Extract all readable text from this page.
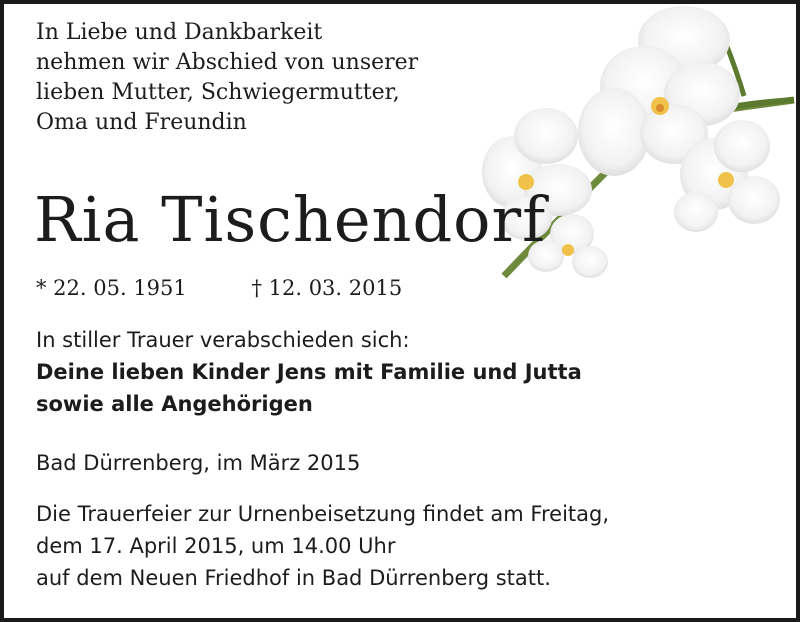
In Liebe und Dankbarkeit
nehmen wir Abschied von unserer
lieben Mutter, Schwiegermutter,
Oma und Freundin
Ria Tischendorf
* 22. 05. 1951	† 12. 03. 2015
In stiller Trauer verabschieden sich:
Deine lieben Kinder Jens mit Familie und Jutta
sowie alle Angehörigen
Bad Dürrenberg, im März 2015
Die Trauerfeier zur Urnenbeisetzung findet am Freitag,
dem 17. April 2015, um 14.00 Uhr
auf dem Neuen Friedhof in Bad Dürrenberg statt.
